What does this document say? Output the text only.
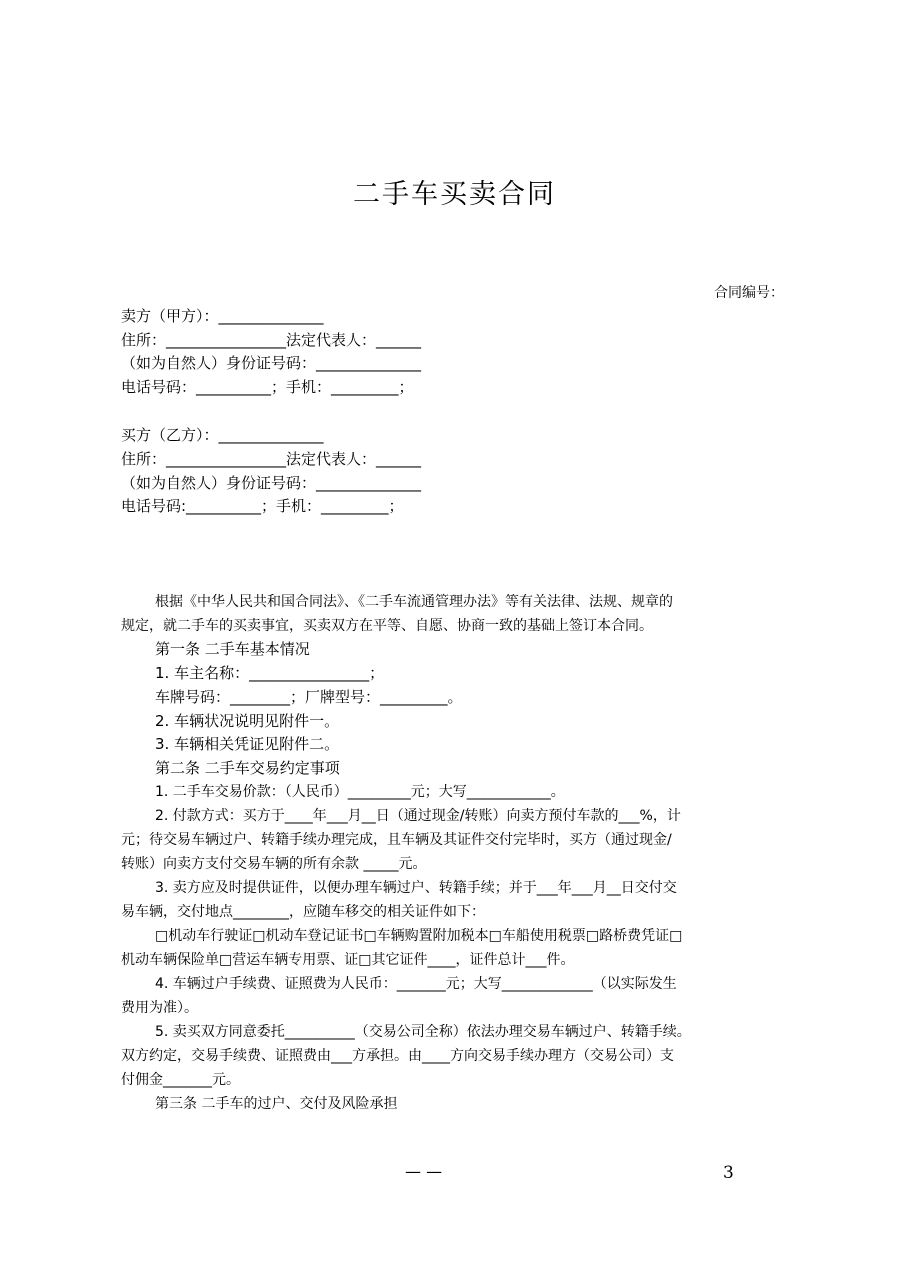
二手车买卖合同
合同编号：
卖方（甲方）：______________
住所：________________法定代表人：______
（如为自然人）身份证号码：______________
电话号码：__________；手机：_________；
买方（乙方）：______________
住所：________________法定代表人：______
（如为自然人）身份证号码：______________
电话号码:__________；手机：_________；
根据《中华人民共和国合同法》、《二手车流通管理办法》等有关法律、法规、规章的
规定，就二手车的买卖事宜，买卖双方在平等、自愿、协商一致的基础上签订本合同。
第一条 二手车基本情况
1. 车主名称：________________；
车牌号码：________；厂牌型号：_________。
2. 车辆状况说明见附件一。
3. 车辆相关凭证见附件二。
第二条 二手车交易约定事项
1. 二手车交易价款：（人民币）_________元；大写____________。
2. 付款方式：买方于____年___月__日（通过现金/转账）向卖方预付车款的___%，计
元；待交易车辆过户、转籍手续办理完成，且车辆及其证件交付完毕时，买方（通过现金/
转账）向卖方支付交易车辆的所有余款 _____元。
3. 卖方应及时提供证件，以便办理车辆过户、转籍手续；并于___年___月__日交付交
易车辆，交付地点________，应随车移交的相关证件如下：
□机动车行驶证□机动车登记证书□车辆购置附加税本□车船使用税票□路桥费凭证□
机动车辆保险单□营运车辆专用票、证□其它证件____，证件总计___件。
4. 车辆过户手续费、证照费为人民币：_______元；大写_____________（以实际发生
费用为准）。
5. 卖买双方同意委托__________（交易公司全称）依法办理交易车辆过户、转籍手续。
双方约定，交易手续费、证照费由___方承担。由____方向交易手续办理方（交易公司）支
付佣金_______元。
第三条 二手车的过户、交付及风险承担
— —	3
